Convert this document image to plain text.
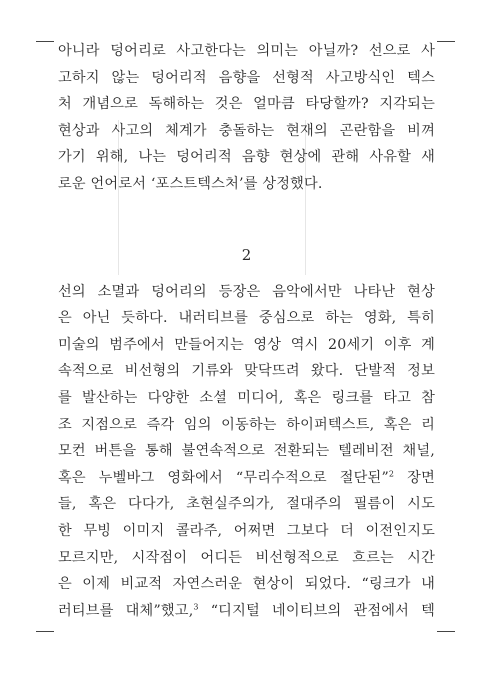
아니라 덩어리로 사고한다는 의미는 아닐까? 선으로 사
고하지 않는 덩어리적 음향을 선형적 사고방식인 텍스
처 개념으로 독해하는 것은 얼마큼 타당할까? 지각되는
현상과 사고의 체계가 충돌하는 현재의 곤란함을 비껴
가기 위해, 나는 덩어리적 음향 현상에 관해 사유할 새
로운 언어로서 ‘포스트텍스처’를 상정했다.
2
선의 소멸과 덩어리의 등장은 음악에서만 나타난 현상
은 아닌 듯하다. 내러티브를 중심으로 하는 영화, 특히
미술의 범주에서 만들어지는 영상 역시 20세기 이후 계
속적으로 비선형의 기류와 맞닥뜨려 왔다. 단발적 정보
를 발산하는 다양한 소셜 미디어, 혹은 링크를 타고 참
조 지점으로 즉각 임의 이동하는 하이퍼텍스트, 혹은 리
모컨 버튼을 통해 불연속적으로 전환되는 텔레비전 채널,
혹은 누벨바그 영화에서 “무리수적으로 절단된”$^2$ 장면
들, 혹은 다다가, 초현실주의가, 절대주의 필름이 시도
한 무빙 이미지 콜라주, 어쩌면 그보다 더 이전인지도
모르지만, 시작점이 어디든 비선형적으로 흐르는 시간
은 이제 비교적 자연스러운 현상이 되었다. “링크가 내
러티브를 대체”했고,$^3$ “디지털 네이티브의 관점에서 텍
